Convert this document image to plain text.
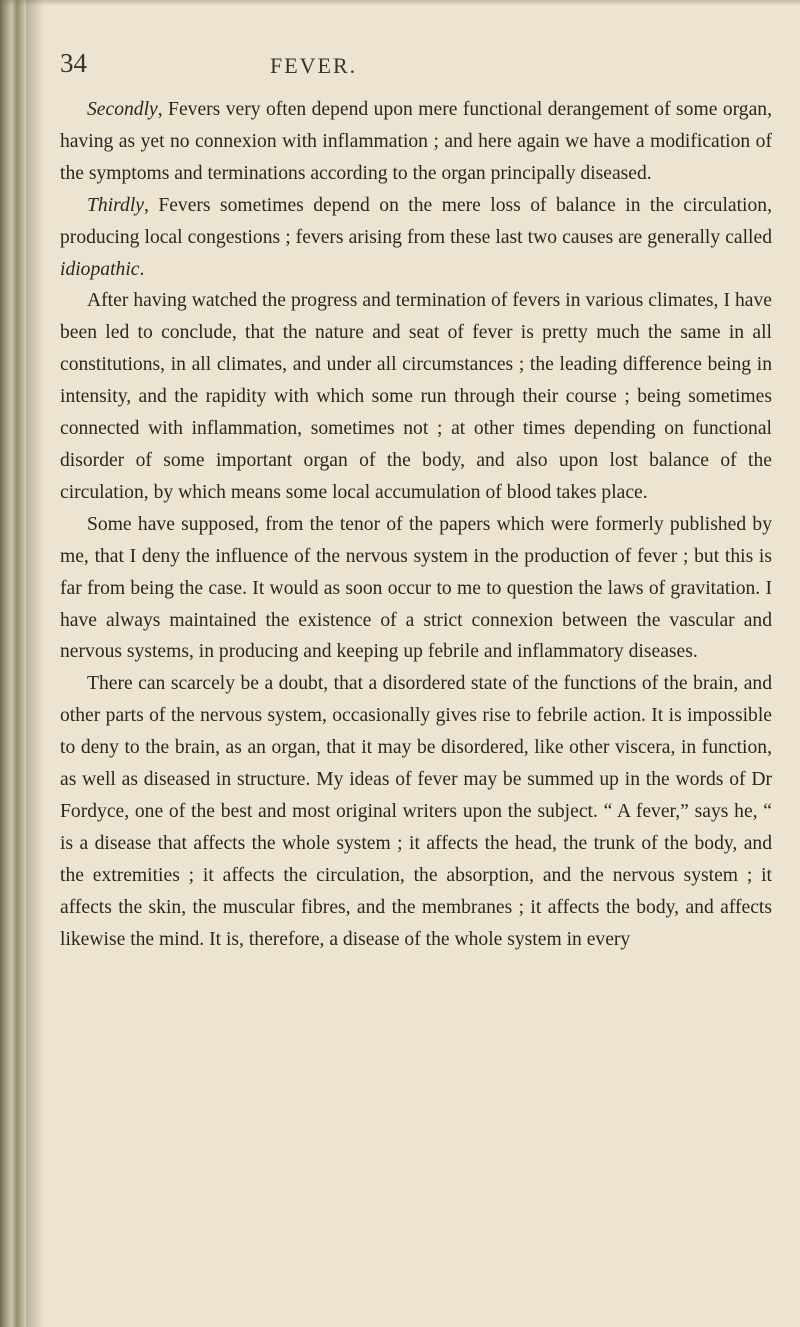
34	FEVER.

Secondly, Fevers very often depend upon mere functional derangement of some organ, having as yet no connexion with inflammation ; and here again we have a modification of the symptoms and terminations according to the organ principally diseased.

Thirdly, Fevers sometimes depend on the mere loss of balance in the circulation, producing local congestions ; fevers arising from these last two causes are generally called idiopathic.

After having watched the progress and termination of fevers in various climates, I have been led to conclude, that the nature and seat of fever is pretty much the same in all constitutions, in all climates, and under all circumstances ; the leading difference being in intensity, and the rapidity with which some run through their course ; being sometimes connected with inflammation, sometimes not ; at other times depending on functional disorder of some important organ of the body, and also upon lost balance of the circulation, by which means some local accumulation of blood takes place.

Some have supposed, from the tenor of the papers which were formerly published by me, that I deny the influence of the nervous system in the production of fever ; but this is far from being the case. It would as soon occur to me to question the laws of gravitation. I have always maintained the existence of a strict connexion between the vascular and nervous systems, in producing and keeping up febrile and inflammatory diseases.

There can scarcely be a doubt, that a disordered state of the functions of the brain, and other parts of the nervous system, occasionally gives rise to febrile action. It is impossible to deny to the brain, as an organ, that it may be disordered, like other viscera, in function, as well as diseased in structure. My ideas of fever may be summed up in the words of Dr Fordyce, one of the best and most original writers upon the subject. “ A fever,” says he, “ is a disease that affects the whole system ; it affects the head, the trunk of the body, and the extremities ; it affects the circulation, the absorption, and the nervous system ; it affects the skin, the muscular fibres, and the membranes ; it affects the body, and affects likewise the mind. It is, therefore, a disease of the whole system in every
